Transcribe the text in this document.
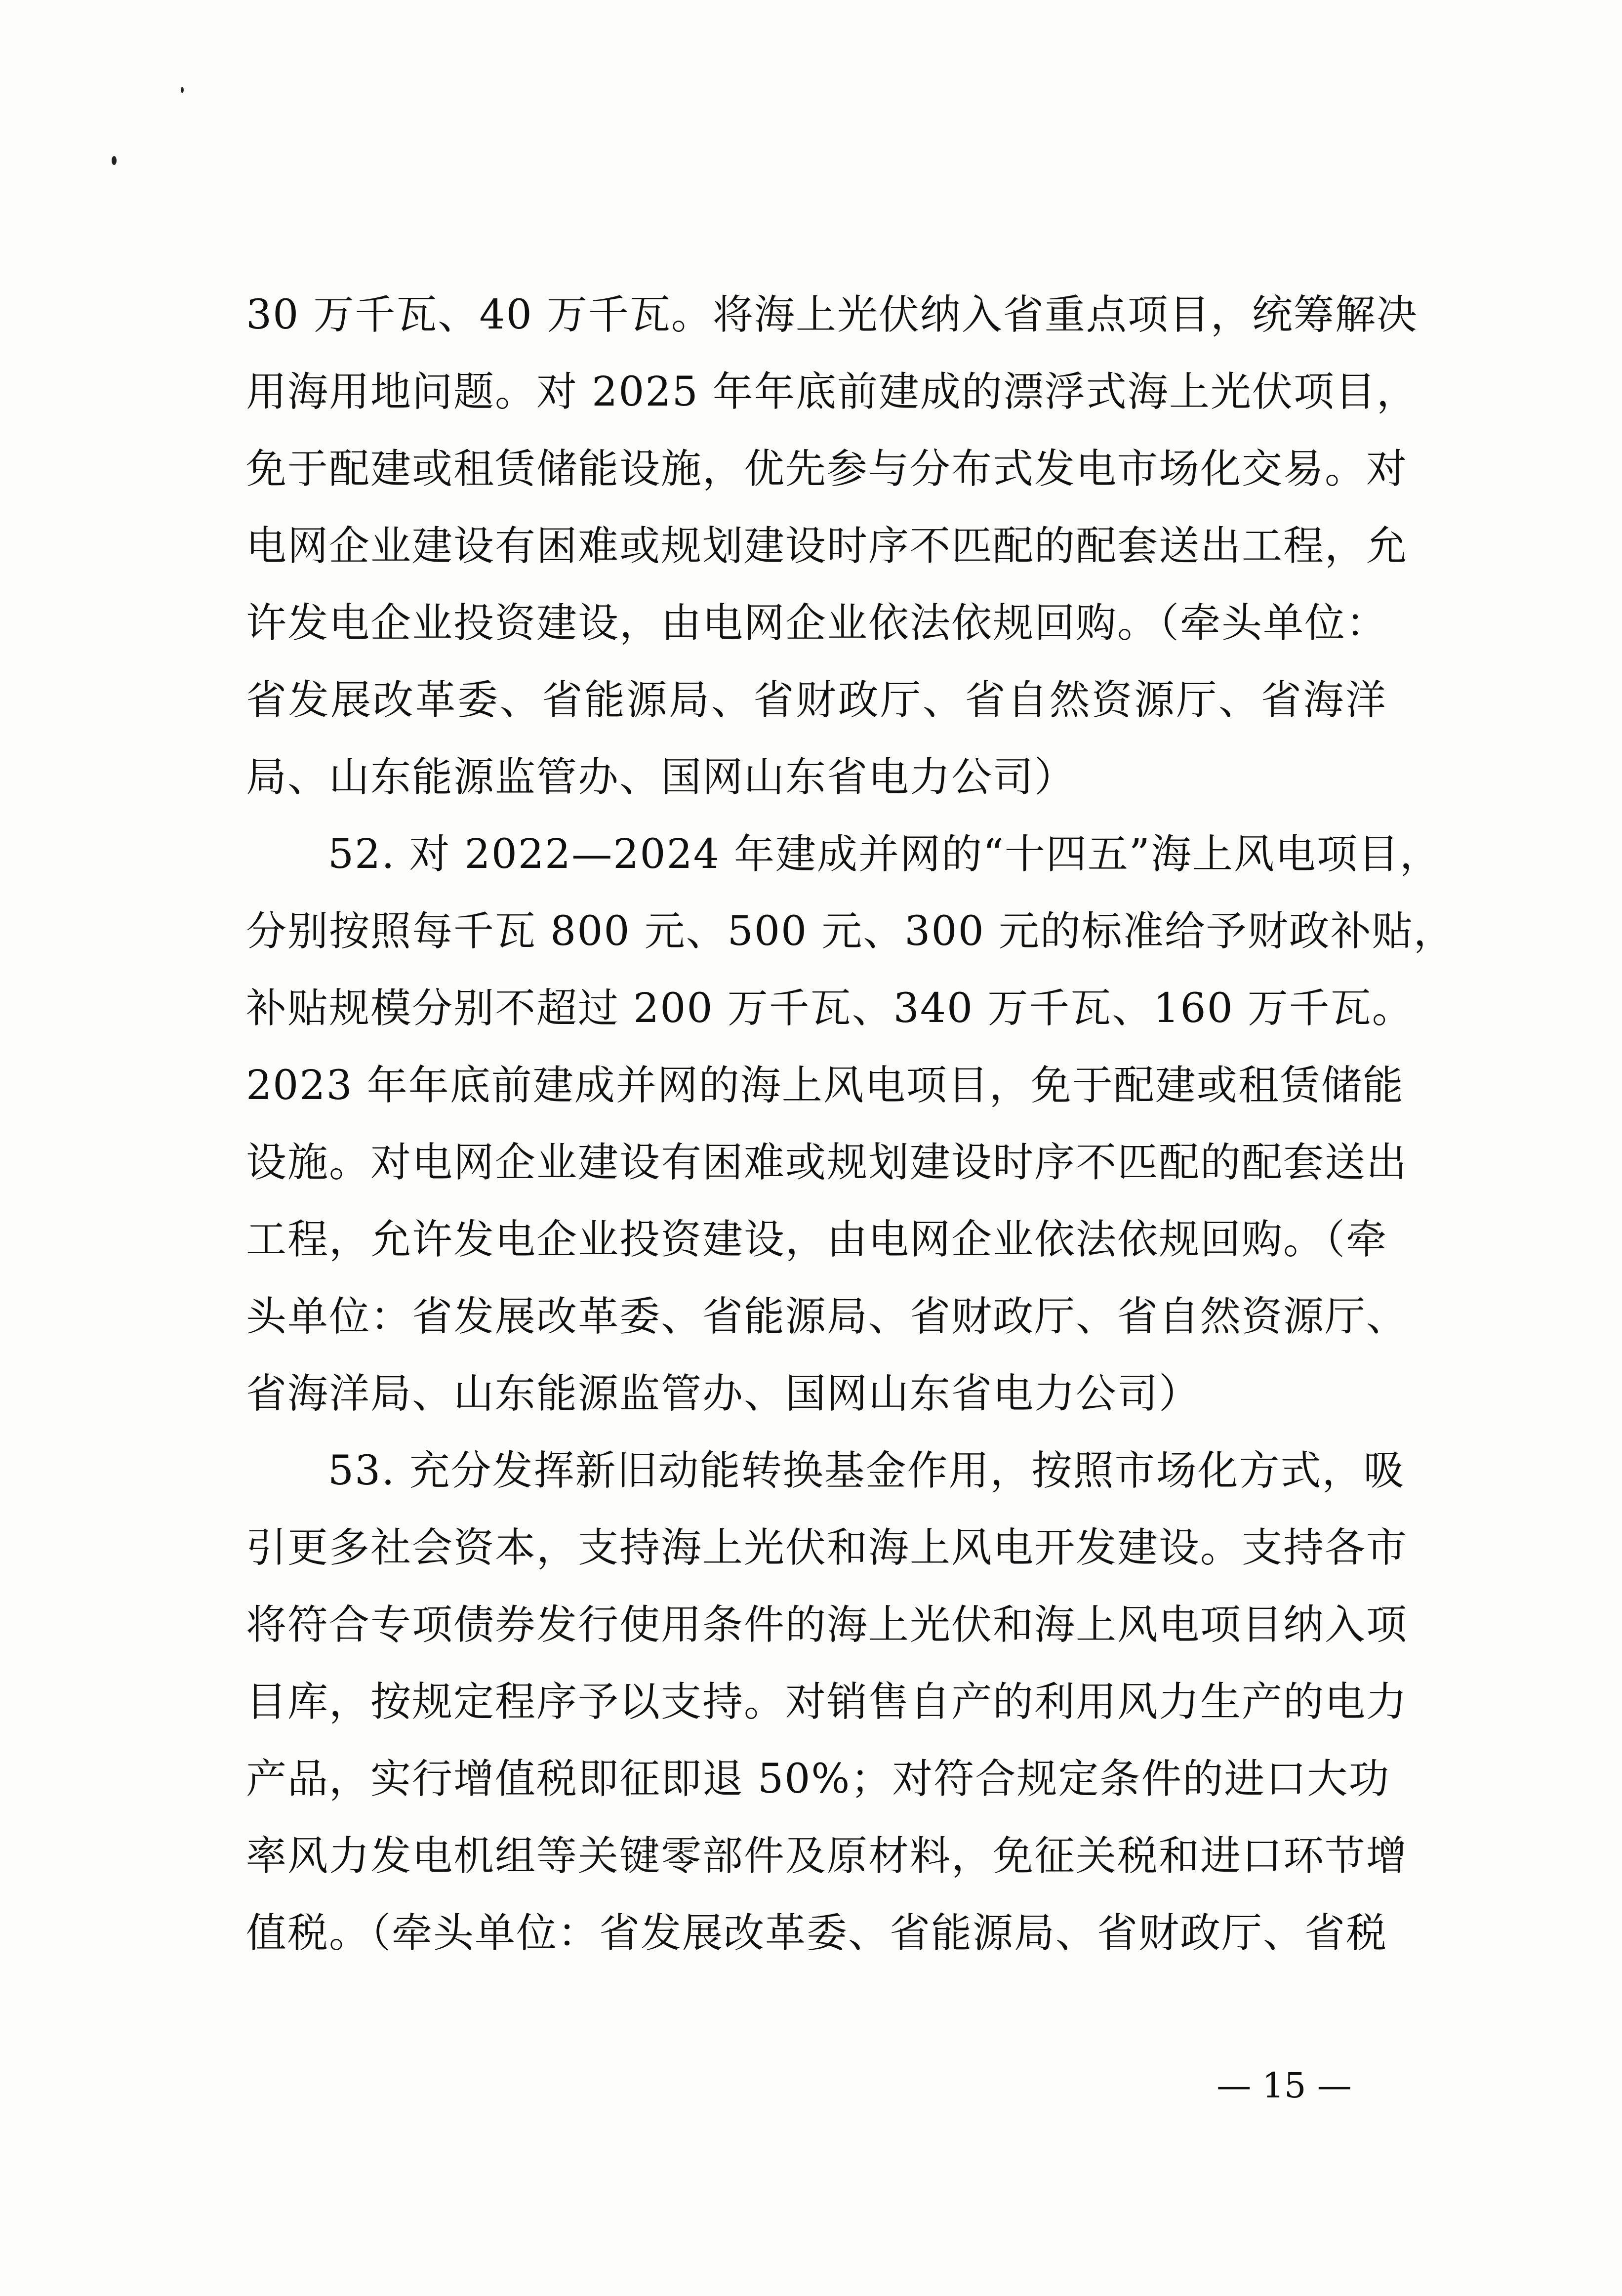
30 万千瓦、40 万千瓦。将海上光伏纳入省重点项目，统筹解决
用海用地问题。对 2025 年年底前建成的漂浮式海上光伏项目，
免于配建或租赁储能设施，优先参与分布式发电市场化交易。对
电网企业建设有困难或规划建设时序不匹配的配套送出工程，允
许发电企业投资建设，由电网企业依法依规回购。（牵头单位：
省发展改革委、省能源局、省财政厅、省自然资源厅、省海洋
局、山东能源监管办、国网山东省电力公司）
52. 对 2022—2024 年建成并网的“十四五”海上风电项目，
分别按照每千瓦 800 元、500 元、300 元的标准给予财政补贴，
补贴规模分别不超过 200 万千瓦、340 万千瓦、160 万千瓦。
2023 年年底前建成并网的海上风电项目，免于配建或租赁储能
设施。对电网企业建设有困难或规划建设时序不匹配的配套送出
工程，允许发电企业投资建设，由电网企业依法依规回购。（牵
头单位：省发展改革委、省能源局、省财政厅、省自然资源厅、
省海洋局、山东能源监管办、国网山东省电力公司）
53. 充分发挥新旧动能转换基金作用，按照市场化方式，吸
引更多社会资本，支持海上光伏和海上风电开发建设。支持各市
将符合专项债券发行使用条件的海上光伏和海上风电项目纳入项
目库，按规定程序予以支持。对销售自产的利用风力生产的电力
产品，实行增值税即征即退 50%；对符合规定条件的进口大功
率风力发电机组等关键零部件及原材料，免征关税和进口环节增
值税。（牵头单位：省发展改革委、省能源局、省财政厅、省税
— 15 —
